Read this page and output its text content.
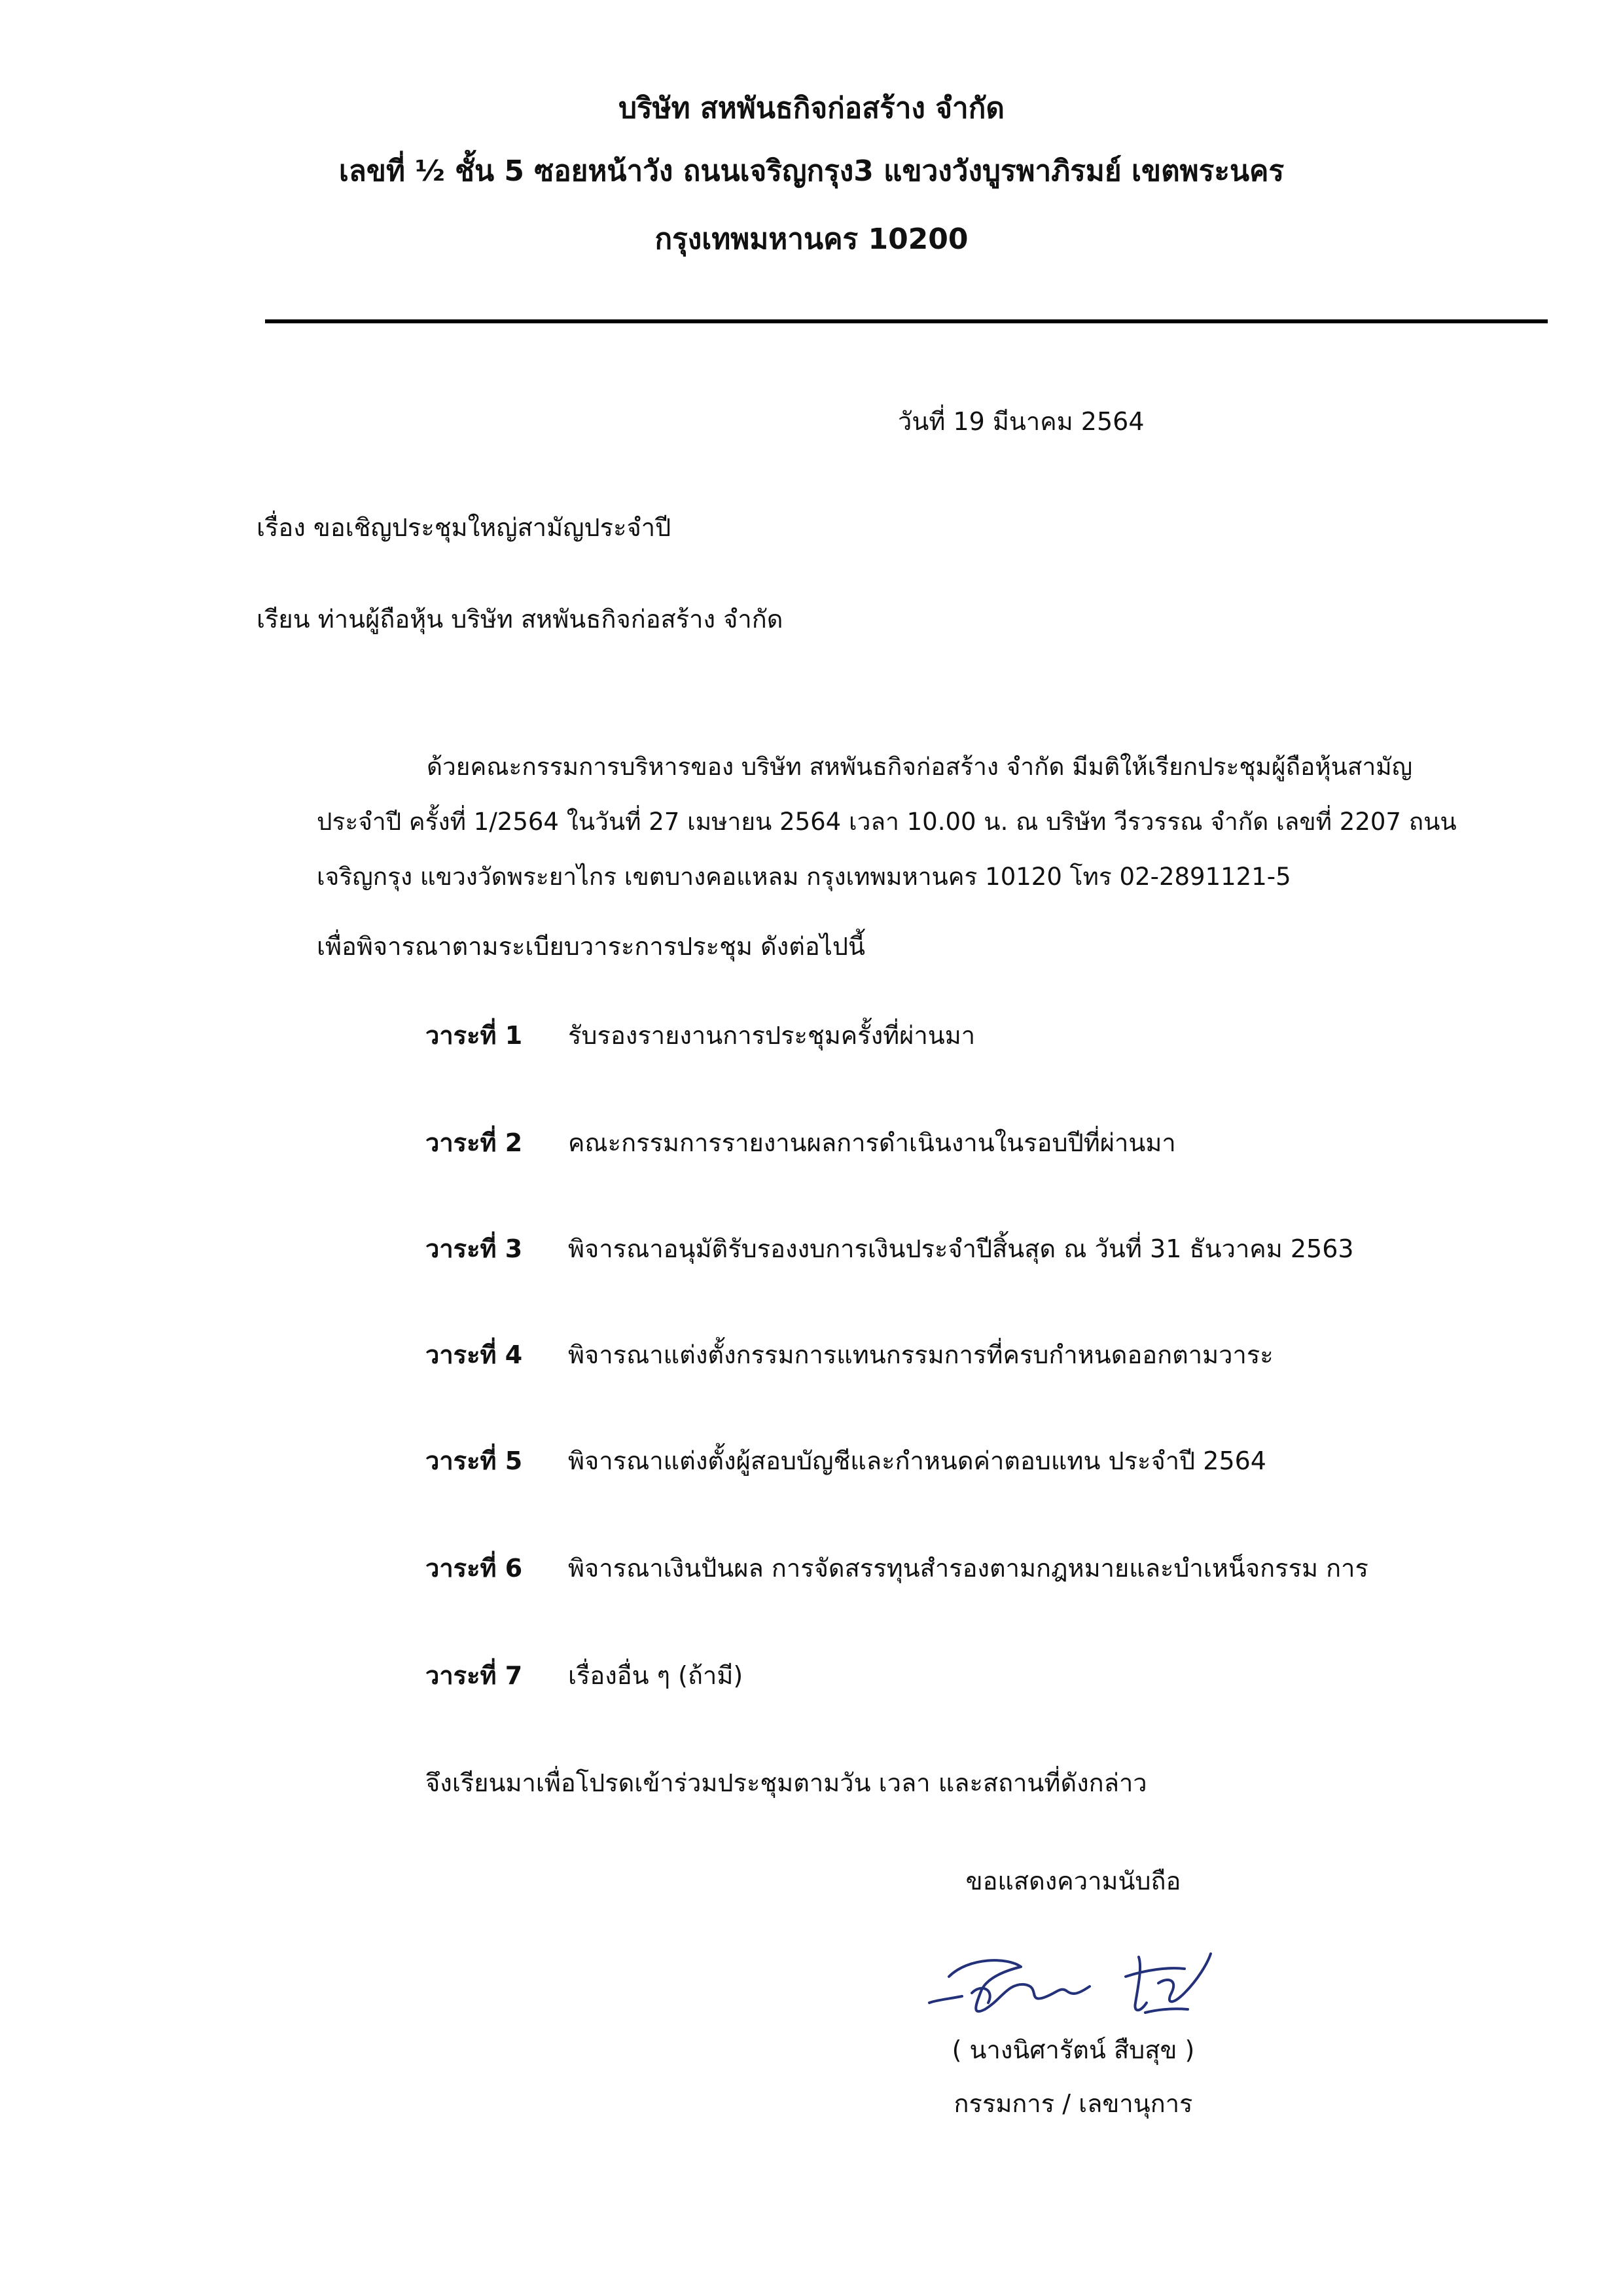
บริษัท สหพันธกิจก่อสร้าง จำกัด
เลขที่ ½ ชั้น 5 ซอยหน้าวัง ถนนเจริญกรุง3 แขวงวังบูรพาภิรมย์ เขตพระนคร
กรุงเทพมหานคร 10200
วันที่ 19 มีนาคม 2564
เรื่อง ขอเชิญประชุมใหญ่สามัญประจำปี
เรียน ท่านผู้ถือหุ้น บริษัท สหพันธกิจก่อสร้าง จำกัด
ด้วยคณะกรรมการบริหารของ บริษัท สหพันธกิจก่อสร้าง จำกัด มีมติให้เรียกประชุมผู้ถือหุ้นสามัญ
ประจำปี ครั้งที่ 1/2564 ในวันที่ 27 เมษายน 2564 เวลา 10.00 น. ณ บริษัท วีรวรรณ จำกัด เลขที่ 2207 ถนน
เจริญกรุง แขวงวัดพระยาไกร เขตบางคอแหลม กรุงเทพมหานคร 10120 โทร 02-2891121-5
เพื่อพิจารณาตามระเบียบวาระการประชุม ดังต่อไปนี้
วาระที่ 1 รับรองรายงานการประชุมครั้งที่ผ่านมา
วาระที่ 2 คณะกรรมการรายงานผลการดำเนินงานในรอบปีที่ผ่านมา
วาระที่ 3 พิจารณาอนุมัติรับรองงบการเงินประจำปีสิ้นสุด ณ วันที่ 31 ธันวาคม 2563
วาระที่ 4 พิจารณาแต่งตั้งกรรมการแทนกรรมการที่ครบกำหนดออกตามวาระ
วาระที่ 5 พิจารณาแต่งตั้งผู้สอบบัญชีและกำหนดค่าตอบแทน ประจำปี 2564
วาระที่ 6 พิจารณาเงินปันผล การจัดสรรทุนสำรองตามกฎหมายและบำเหน็จกรรม การ
วาระที่ 7 เรื่องอื่น ๆ (ถ้ามี)
จึงเรียนมาเพื่อโปรดเข้าร่วมประชุมตามวัน เวลา และสถานที่ดังกล่าว
ขอแสดงความนับถือ
( นางนิศารัตน์ สืบสุข )
กรรมการ / เลขานุการ
